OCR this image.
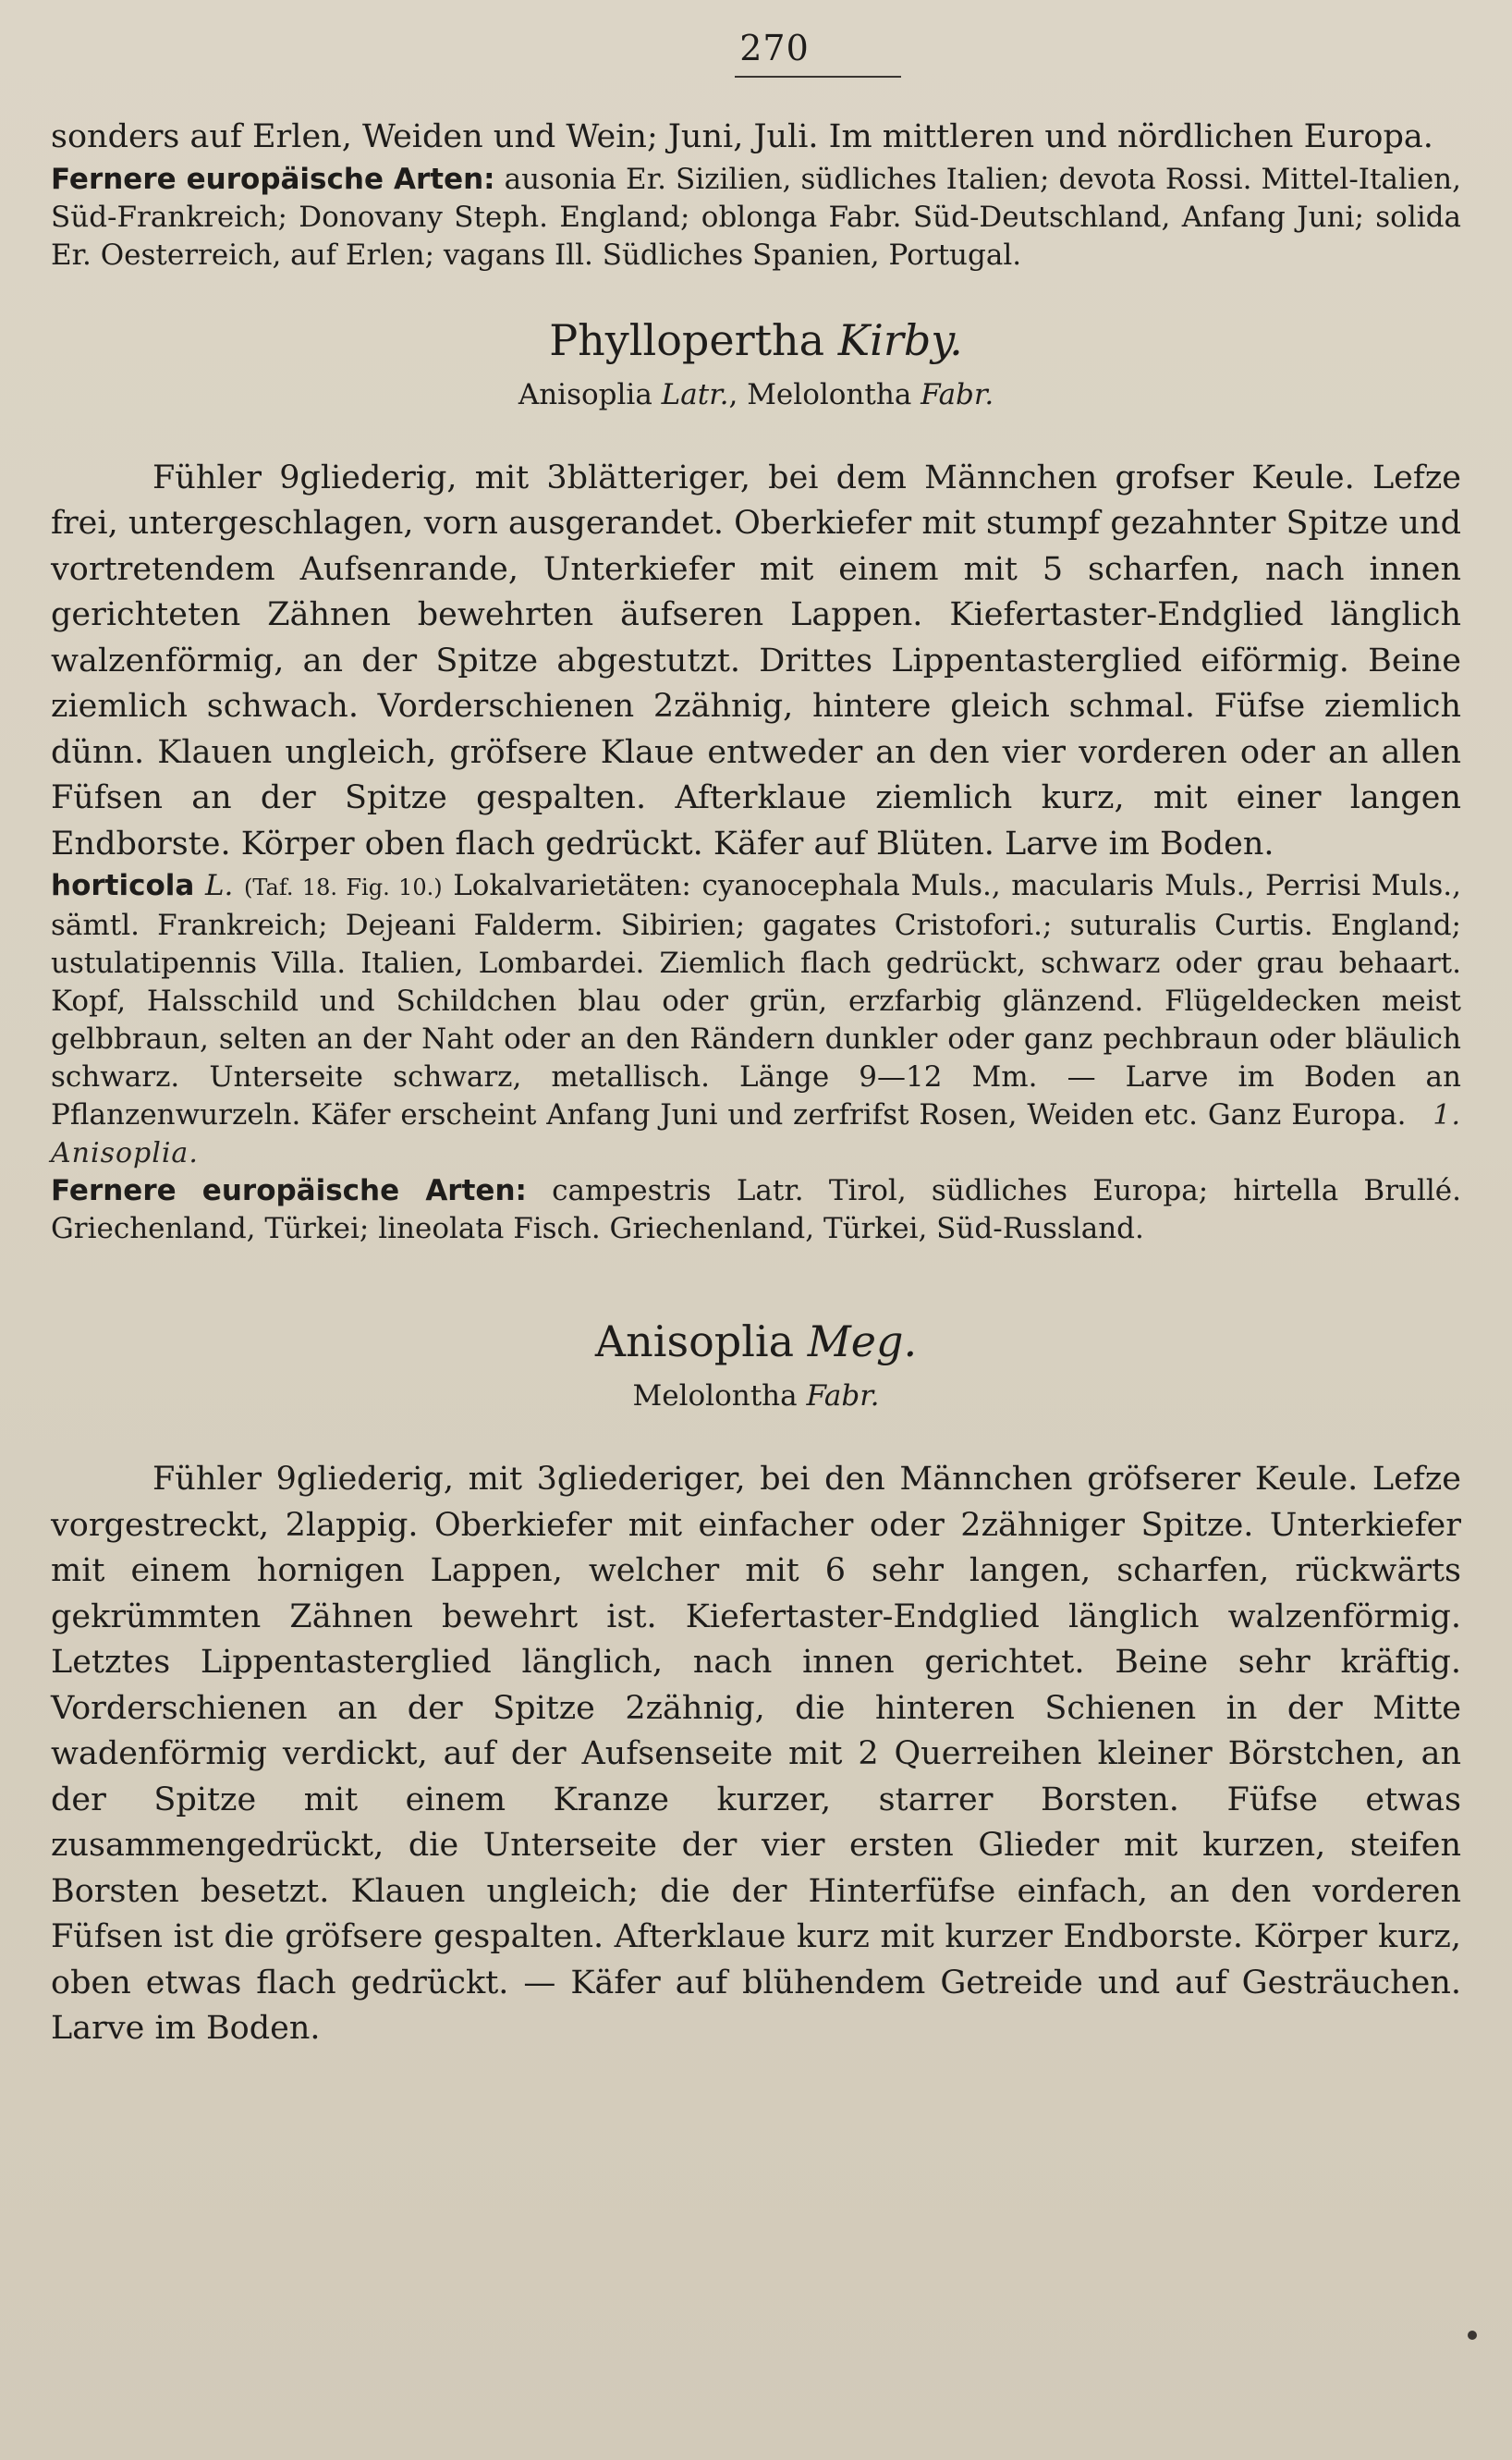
270

sonders auf Erlen, Weiden und Wein; Juni, Juli. Im mittleren und nördlichen Europa.

Fernere europäische Arten: ausonia Er. Sizilien, südliches Italien; devota Rossi. Mittel-Italien, Süd-Frankreich; Donovany Steph. England; oblonga Fabr. Süd-Deutschland, Anfang Juni; solida Er. Oesterreich, auf Erlen; vagans Ill. Südliches Spanien, Portugal.

Phyllopertha Kirby.
Anisoplia Latr., Melolontha Fabr.

Fühler 9gliederig, mit 3blätteriger, bei dem Männchen grofser Keule. Lefze frei, untergeschlagen, vorn ausgerandet. Oberkiefer mit stumpf gezahnter Spitze und vortretendem Aufsenrande, Unterkiefer mit einem mit 5 scharfen, nach innen gerichteten Zähnen bewehrten äufseren Lappen. Kiefertaster-Endglied länglich walzenförmig, an der Spitze abgestutzt. Drittes Lippentasterglied eiförmig. Beine ziemlich schwach. Vorderschienen 2zähnig, hintere gleich schmal. Füfse ziemlich dünn. Klauen ungleich, gröfsere Klaue entweder an den vier vorderen oder an allen Füfsen an der Spitze gespalten. Afterklaue ziemlich kurz, mit einer langen Endborste. Körper oben flach gedrückt. Käfer auf Blüten. Larve im Boden.

horticola L. (Taf. 18. Fig. 10.) Lokalvarietäten: cyanocephala Muls., macularis Muls., Perrisi Muls., sämtl. Frankreich; Dejeani Falderm. Sibirien; gagates Cristofori.; suturalis Curtis. England; ustulatipennis Villa. Italien, Lombardei. Ziemlich flach gedrückt, schwarz oder grau behaart. Kopf, Halsschild und Schildchen blau oder grün, erzfarbig glänzend. Flügeldecken meist gelbbraun, selten an der Naht oder an den Rändern dunkler oder ganz pechbraun oder bläulich schwarz. Unterseite schwarz, metallisch. Länge 9—12 Mm. — Larve im Boden an Pflanzenwurzeln. Käfer erscheint Anfang Juni und zerfrifst Rosen, Weiden etc. Ganz Europa. 1. Anisoplia.

Fernere europäische Arten: campestris Latr. Tirol, südliches Europa; hirtella Brullé. Griechenland, Türkei; lineolata Fisch. Griechenland, Türkei, Süd-Russland.

Anisoplia Meg.
Melolontha Fabr.

Fühler 9gliederig, mit 3gliederiger, bei den Männchen gröfserer Keule. Lefze vorgestreckt, 2lappig. Oberkiefer mit einfacher oder 2zähniger Spitze. Unterkiefer mit einem hornigen Lappen, welcher mit 6 sehr langen, scharfen, rückwärts gekrümmten Zähnen bewehrt ist. Kiefertaster-Endglied länglich walzenförmig. Letztes Lippentasterglied länglich, nach innen gerichtet. Beine sehr kräftig. Vorderschienen an der Spitze 2zähnig, die hinteren Schienen in der Mitte wadenförmig verdickt, auf der Aufsenseite mit 2 Querreihen kleiner Börstchen, an der Spitze mit einem Kranze kurzer, starrer Borsten. Füfse etwas zusammengedrückt, die Unterseite der vier ersten Glieder mit kurzen, steifen Borsten besetzt. Klauen ungleich; die der Hinterfüfse einfach, an den vorderen Füfsen ist die gröfsere gespalten. Afterklaue kurz mit kurzer Endborste. Körper kurz, oben etwas flach gedrückt. — Käfer auf blühendem Getreide und auf Gesträuchen. Larve im Boden.
